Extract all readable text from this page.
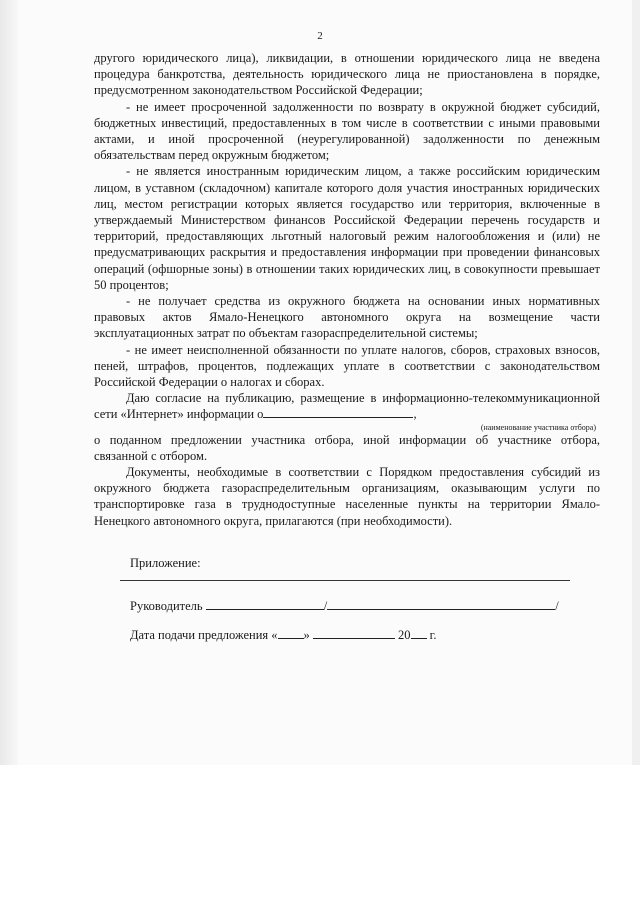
2

другого юридического лица), ликвидации, в отношении юридического лица не введена процедура банкротства, деятельность юридического лица не приостановлена в порядке, предусмотренном законодательством Российской Федерации;

- не имеет просроченной задолженности по возврату в окружной бюджет субсидий, бюджетных инвестиций, предоставленных в том числе в соответствии с иными правовыми актами, и иной просроченной (неурегулированной) задолженности по денежным обязательствам перед окружным бюджетом;

- не является иностранным юридическим лицом, а также российским юридическим лицом, в уставном (складочном) капитале которого доля участия иностранных юридических лиц, местом регистрации которых является государство или территория, включенные в утверждаемый Министерством финансов Российской Федерации перечень государств и территорий, предоставляющих льготный налоговый режим налогообложения и (или) не предусматривающих раскрытия и предоставления информации при проведении финансовых операций (офшорные зоны) в отношении таких юридических лиц, в совокупности превышает 50 процентов;

- не получает средства из окружного бюджета на основании иных нормативных правовых актов Ямало-Ненецкого автономного округа на возмещение части эксплуатационных затрат по объектам газораспределительной системы;

- не имеет неисполненной обязанности по уплате налогов, сборов, страховых взносов, пеней, штрафов, процентов, подлежащих уплате в соответствии с законодательством Российской Федерации о налогах и сборах.

Даю согласие на публикацию, размещение в информационно-телекоммуникационной сети «Интернет» информации о	,

(наименование участника отбора)

о поданном предложении участника отбора, иной информации об участнике отбора, связанной с отбором.

Документы, необходимые в соответствии с Порядком предоставления субсидий из окружного бюджета газораспределительным организациям, оказывающим услуги по транспортировке газа в труднодоступные населенные пункты на территории Ямало-Ненецкого автономного округа, прилагаются (при необходимости).

Приложение:
Руководитель	/	/
Дата подачи предложения « »	20 г.
